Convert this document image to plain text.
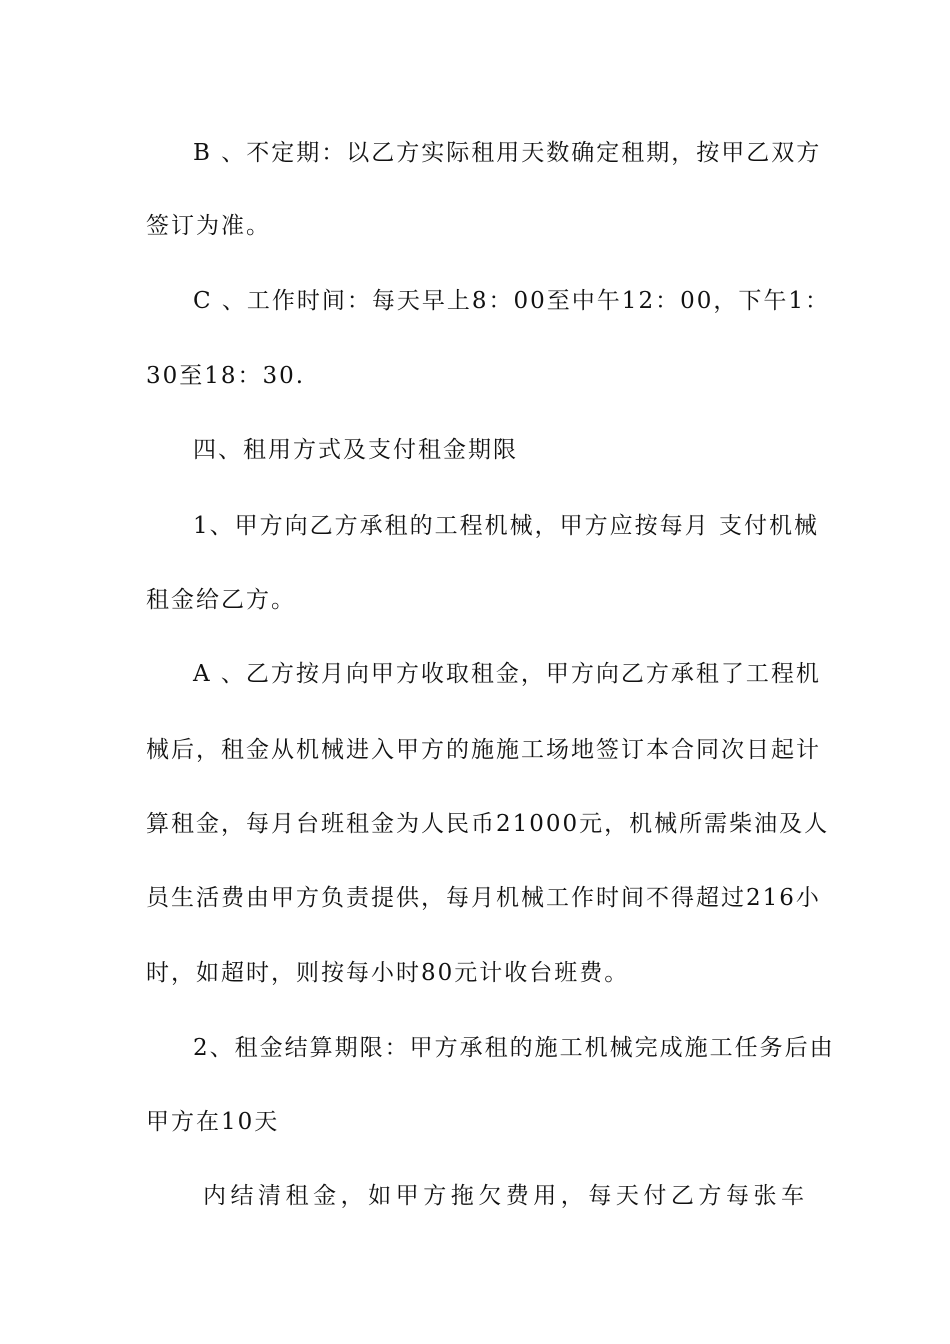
B 、不定期：以乙方实际租用天数确定租期，按甲乙双方
签订为准。
C 、工作时间：每天早上8：00至中午12：00，下午1：
30至18：30.
四、租用方式及支付租金期限
1、甲方向乙方承租的工程机械，甲方应按每月 支付机械
租金给乙方。
A 、乙方按月向甲方收取租金，甲方向乙方承租了工程机
械后，租金从机械进入甲方的施施工场地签订本合同次日起计
算租金，每月台班租金为人民币21000元，机械所需柴油及人
员生活费由甲方负责提供，每月机械工作时间不得超过216小
时，如超时，则按每小时80元计收台班费。
2、租金结算期限：甲方承租的施工机械完成施工任务后由
甲方在10天
内结清租金，如甲方拖欠费用，每天付乙方每张车
